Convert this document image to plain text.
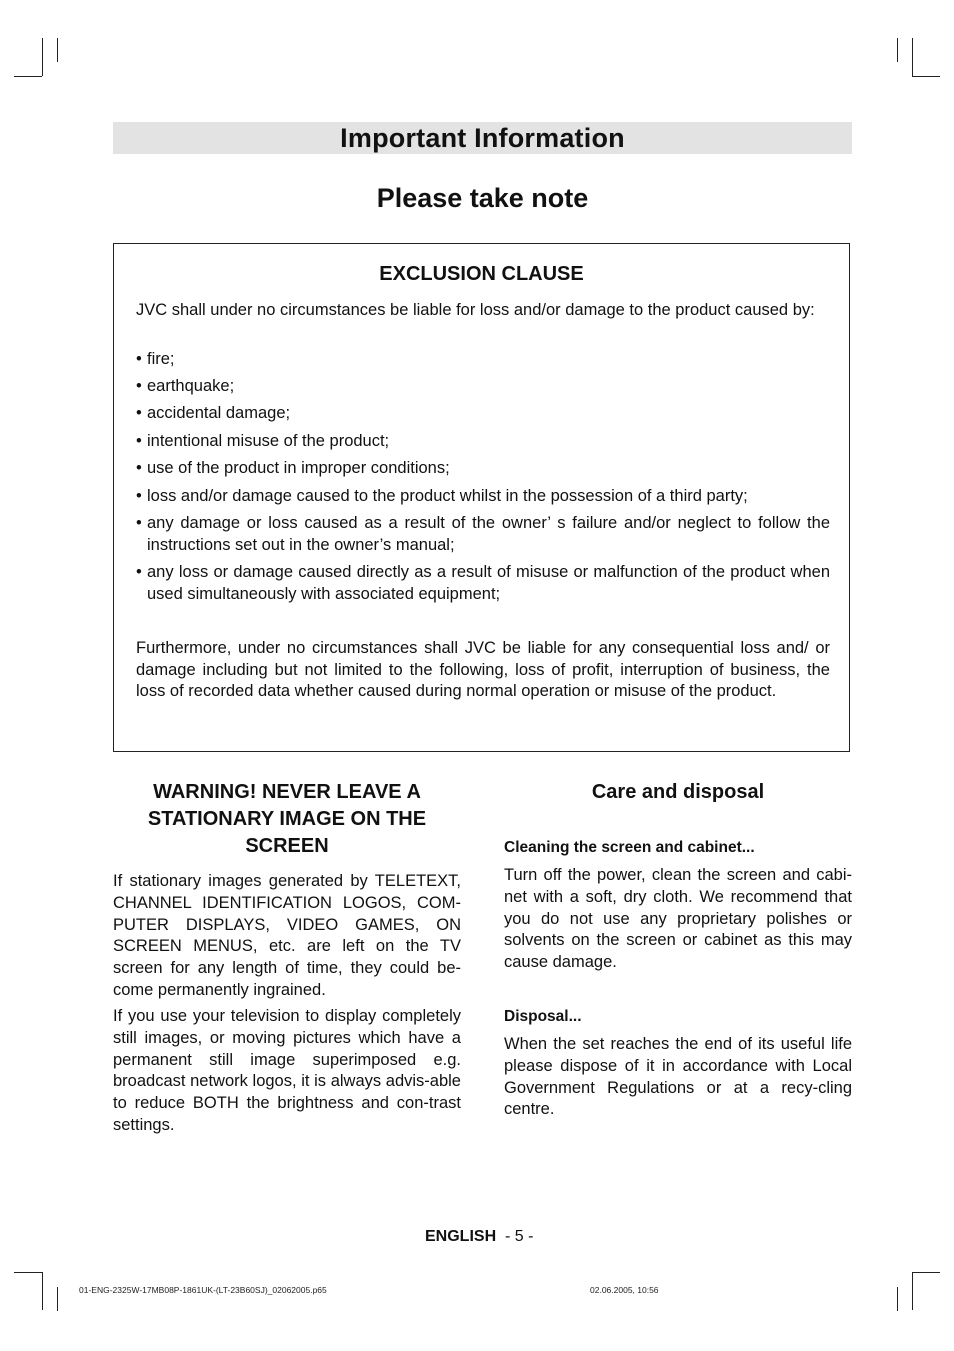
Important Information
Please take note
EXCLUSION CLAUSE
JVC shall under no circumstances be liable for loss and/or damage to the product caused by:
• fire;
• earthquake;
• accidental damage;
• intentional misuse of the product;
• use of the product in improper conditions;
• loss and/or damage caused to the product whilst in the possession of a third party;
• any damage or loss caused as a result of the owner’ s failure and/or neglect to follow the instructions set out in the owner’s manual;
• any loss or damage caused directly as a result of misuse or malfunction of the product when used simultaneously with associated equipment;
Furthermore, under no circumstances shall JVC be liable for any consequential loss and/ or damage including but not limited to the following, loss of profit, interruption of business, the loss of recorded data whether caused during normal operation or misuse of the product.
WARNING! NEVER LEAVE A
STATIONARY IMAGE ON THE
SCREEN
If stationary images generated by TELETEXT, CHANNEL IDENTIFICATION LOGOS, COM-PUTER DISPLAYS, VIDEO GAMES, ON SCREEN MENUS, etc. are left on the TV screen for any length of time, they could be-come permanently ingrained.
If you use your television to display completely still images, or moving pictures which have a permanent still image superimposed e.g. broadcast network logos, it is always advis-able to reduce BOTH the brightness and con-trast settings.
Care and disposal
Cleaning the screen and cabinet...
Turn off the power, clean the screen and cabi-net with a soft, dry cloth. We recommend that you do not use any proprietary polishes or solvents on the screen or cabinet as this may cause damage.
Disposal...
When the set reaches the end of its useful life please dispose of it in accordance with Local Government Regulations or at a recy-cling centre.
ENGLISH - 5 -
01-ENG-2325W-17MB08P-1861UK-(LT-23B60SJ)_02062005.p65	02.06.2005, 10:56
